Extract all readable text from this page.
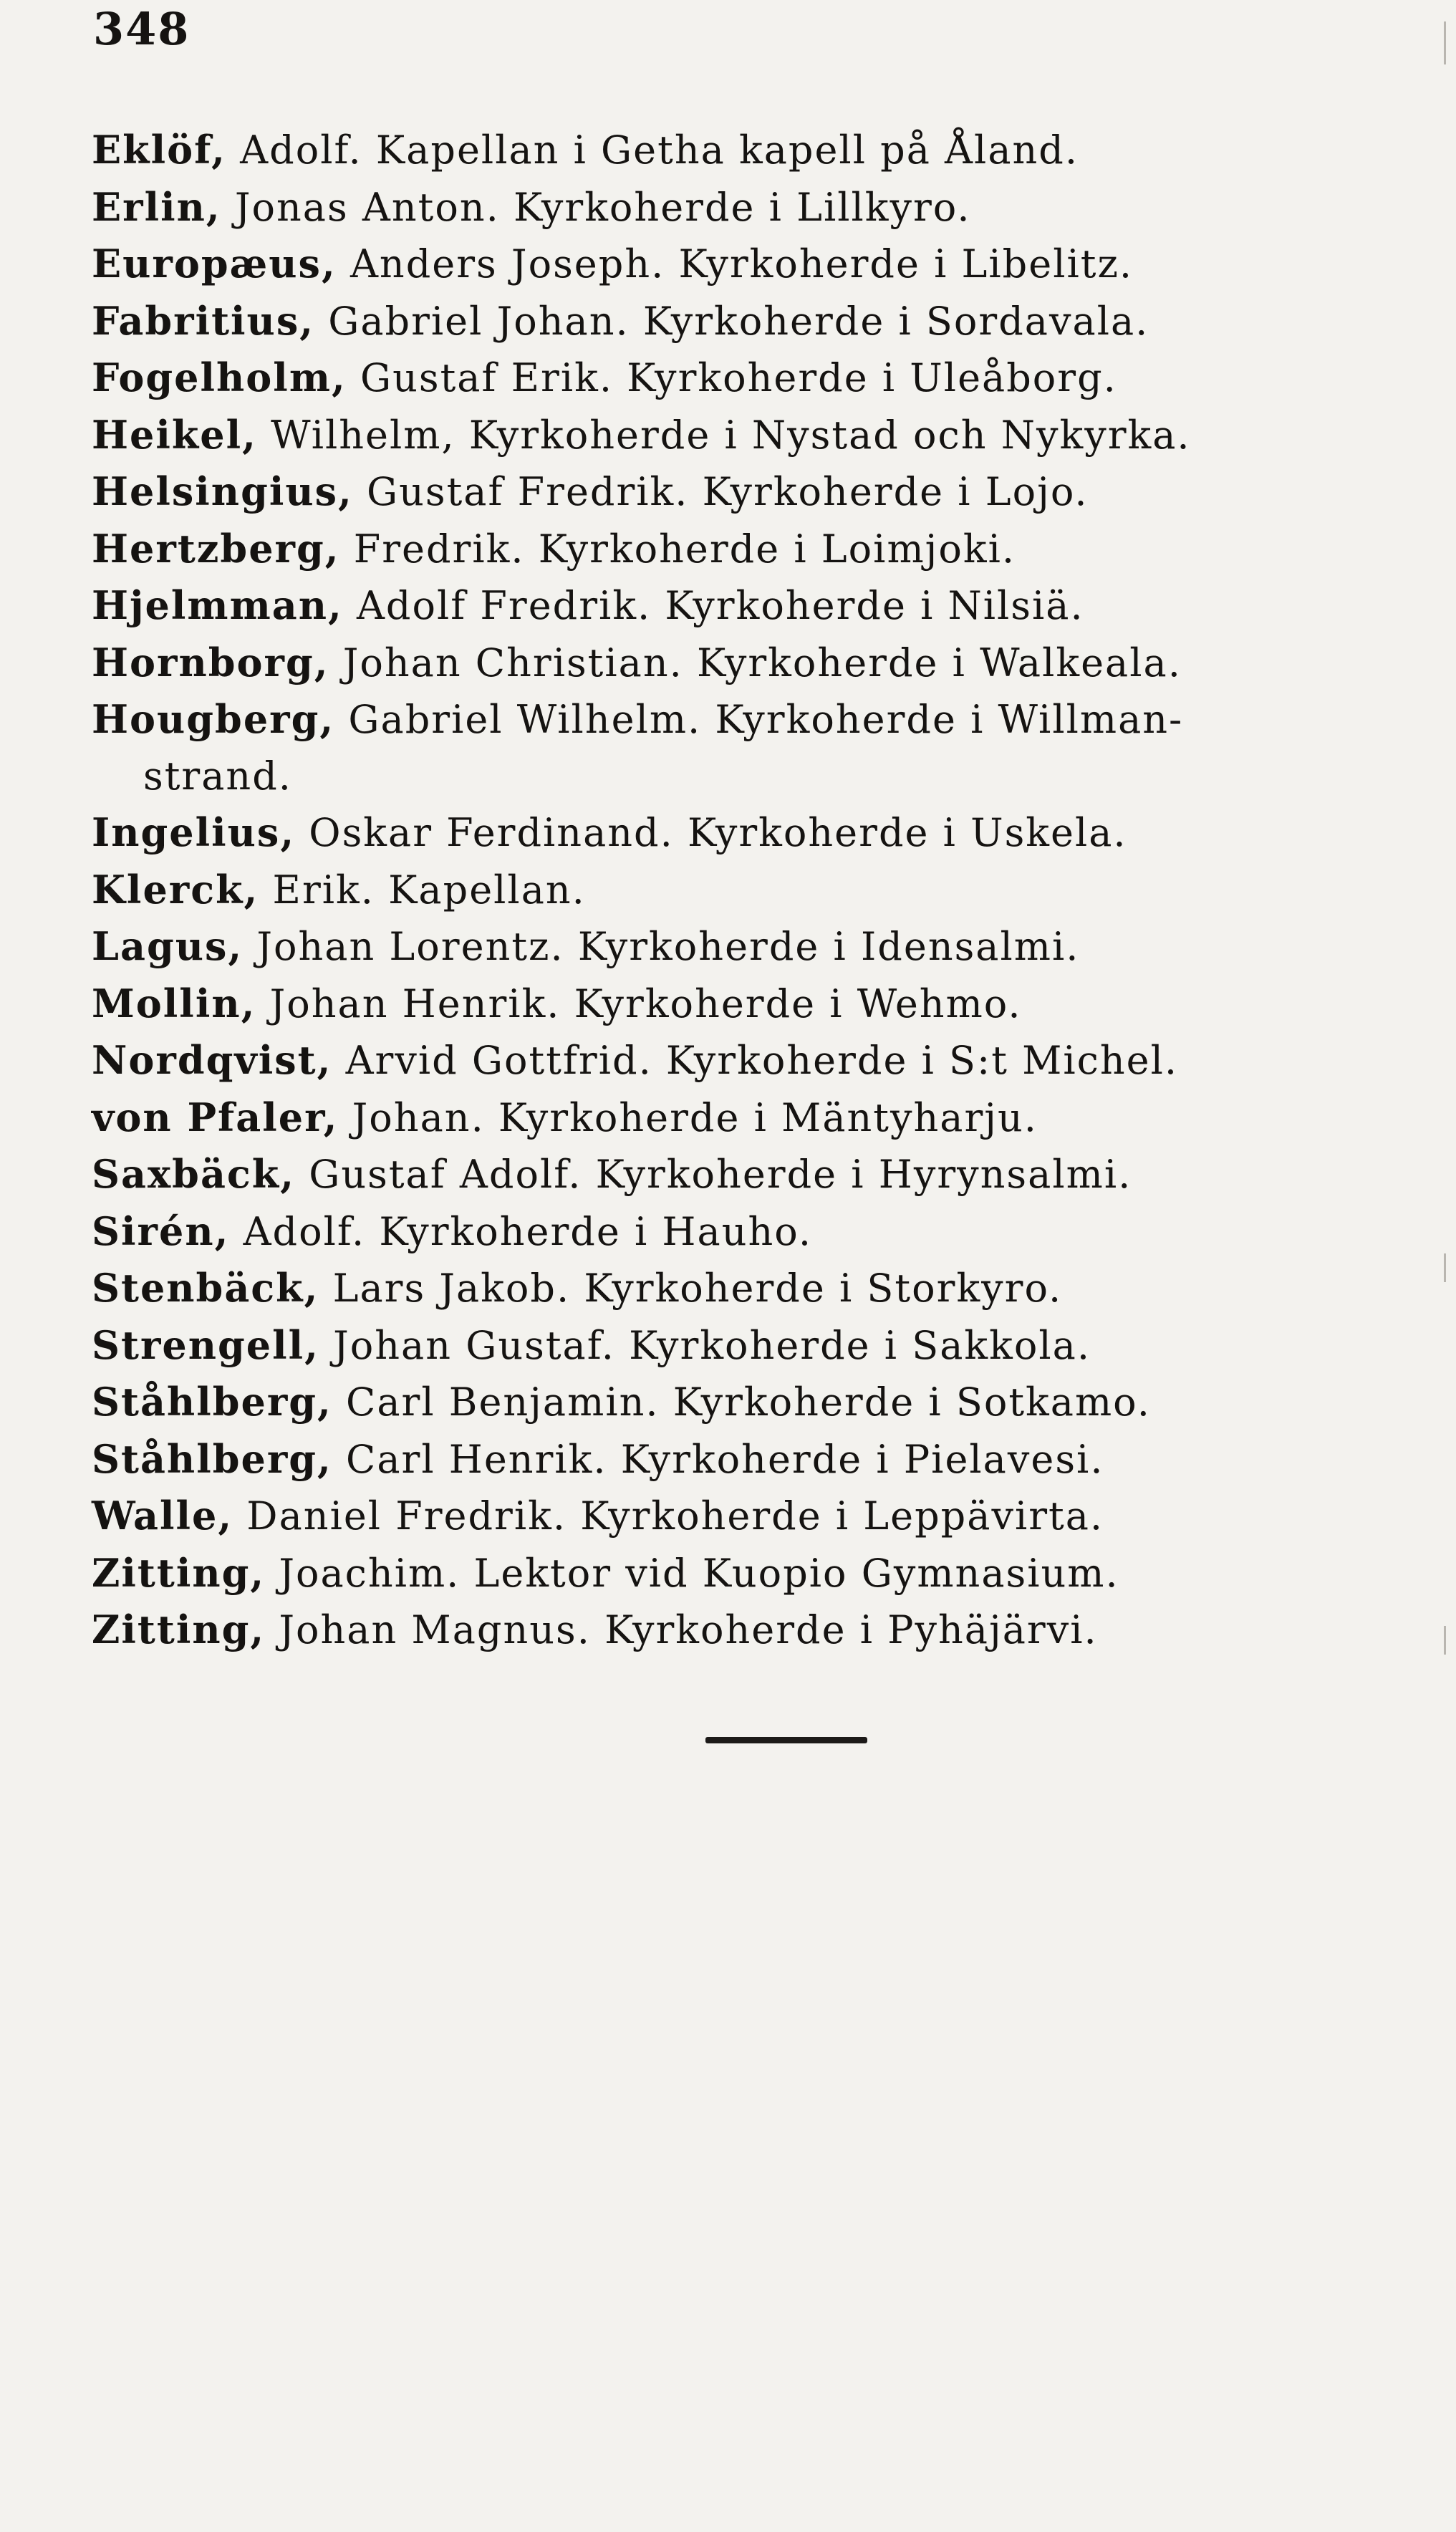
348
Eklöf, Adolf. Kapellan i Getha kapell på Åland.
Erlin, Jonas Anton. Kyrkoherde i Lillkyro.
Europæus, Anders Joseph. Kyrkoherde i Libelitz.
Fabritius, Gabriel Johan. Kyrkoherde i Sordavala.
Fogelholm, Gustaf Erik. Kyrkoherde i Uleåborg.
Heikel, Wilhelm, Kyrkoherde i Nystad och Nykyrka.
Helsingius, Gustaf Fredrik. Kyrkoherde i Lojo.
Hertzberg, Fredrik. Kyrkoherde i Loimjoki.
Hjelmman, Adolf Fredrik. Kyrkoherde i Nilsiä.
Hornborg, Johan Christian. Kyrkoherde i Walkeala.
Hougberg, Gabriel Wilhelm. Kyrkoherde i Willman-
strand.
Ingelius, Oskar Ferdinand. Kyrkoherde i Uskela.
Klerck, Erik. Kapellan.
Lagus, Johan Lorentz. Kyrkoherde i Idensalmi.
Mollin, Johan Henrik. Kyrkoherde i Wehmo.
Nordqvist, Arvid Gottfrid. Kyrkoherde i S:t Michel.
von Pfaler, Johan. Kyrkoherde i Mäntyharju.
Saxbäck, Gustaf Adolf. Kyrkoherde i Hyrynsalmi.
Sirén, Adolf. Kyrkoherde i Hauho.
Stenbäck, Lars Jakob. Kyrkoherde i Storkyro.
Strengell, Johan Gustaf. Kyrkoherde i Sakkola.
Ståhlberg, Carl Benjamin. Kyrkoherde i Sotkamo.
Ståhlberg, Carl Henrik. Kyrkoherde i Pielavesi.
Walle, Daniel Fredrik. Kyrkoherde i Leppävirta.
Zitting, Joachim. Lektor vid Kuopio Gymnasium.
Zitting, Johan Magnus. Kyrkoherde i Pyhäjärvi.
